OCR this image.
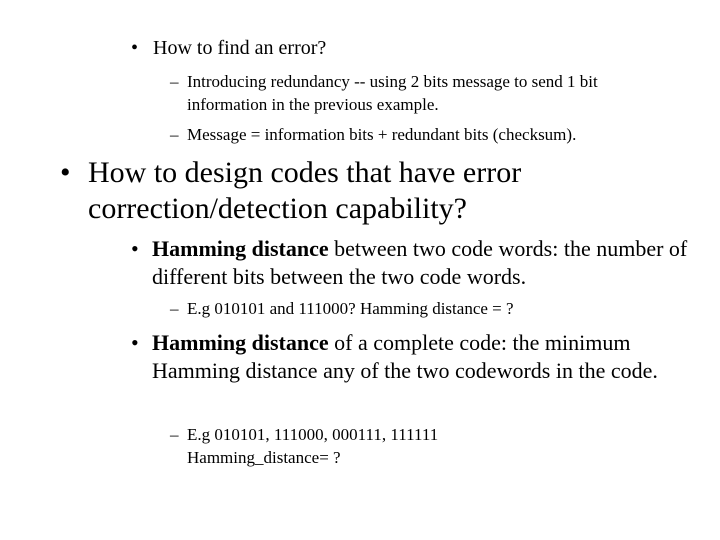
• How to find an error?
– Introducing redundancy -- using 2 bits message to send 1 bit information in the previous example.
– Message = information bits + redundant bits (checksum).
• How to design codes that have error correction/detection capability?
• Hamming distance between two code words: the number of different bits between the two code words.
– E.g 010101 and 111000? Hamming distance = ?
• Hamming distance of a complete code: the minimum Hamming distance any of the two codewords in the code.
– E.g 010101, 111000, 000111, 111111
Hamming_distance= ?
